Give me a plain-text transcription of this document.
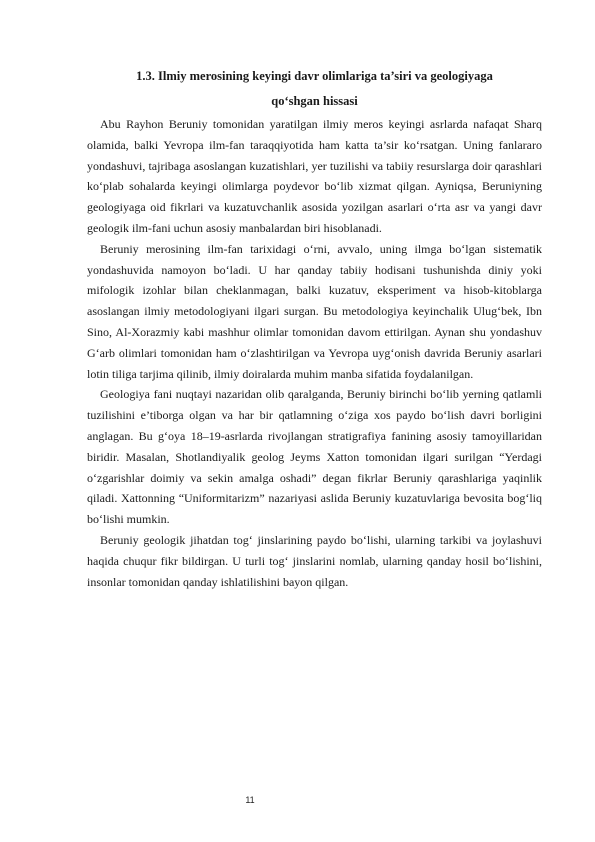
1.3. Ilmiy merosining keyingi davr olimlariga ta’siri va geologiyaga

qo‘shgan hissasi

Abu Rayhon Beruniy tomonidan yaratilgan ilmiy meros keyingi asrlarda nafaqat Sharq olamida, balki Yevropa ilm-fan taraqqiyotida ham katta ta’sir ko‘rsatgan. Uning fanlararo yondashuvi, tajribaga asoslangan kuzatishlari, yer tuzilishi va tabiiy resurslarga doir qarashlari ko‘plab sohalarda keyingi olimlarga poydevor bo‘lib xizmat qilgan. Ayniqsa, Beruniyning geologiyaga oid fikrlari va kuzatuvchanlik asosida yozilgan asarlari o‘rta asr va yangi davr geologik ilm-fani uchun asosiy manbalardan biri hisoblanadi.

Beruniy merosining ilm-fan tarixidagi o‘rni, avvalo, uning ilmga bo‘lgan sistematik yondashuvida namoyon bo‘ladi. U har qanday tabiiy hodisani tushunishda diniy yoki mifologik izohlar bilan cheklanmagan, balki kuzatuv, eksperiment va hisob-kitoblarga asoslangan ilmiy metodologiyani ilgari surgan. Bu metodologiya keyinchalik Ulug‘bek, Ibn Sino, Al-Xorazmiy kabi mashhur olimlar tomonidan davom ettirilgan. Aynan shu yondashuv G‘arb olimlari tomonidan ham o‘zlashtirilgan va Yevropa uyg‘onish davrida Beruniy asarlari lotin tiliga tarjima qilinib, ilmiy doiralarda muhim manba sifatida foydalanilgan.

Geologiya fani nuqtayi nazaridan olib qaralganda, Beruniy birinchi bo‘lib yerning qatlamli tuzilishini e’tiborga olgan va har bir qatlamning o‘ziga xos paydo bo‘lish davri borligini anglagan. Bu g‘oya 18–19-asrlarda rivojlangan stratigrafiya fanining asosiy tamoyillaridan biridir. Masalan, Shotlandiyalik geolog Jeyms Xatton tomonidan ilgari surilgan “Yerdagi o‘zgarishlar doimiy va sekin amalga oshadi” degan fikrlar Beruniy qarashlariga yaqinlik qiladi. Xattonning “Uniformitarizm” nazariyasi aslida Beruniy kuzatuvlariga bevosita bog‘liq bo‘lishi mumkin.

Beruniy geologik jihatdan tog‘ jinslarining paydo bo‘lishi, ularning tarkibi va joylashuvi haqida chuqur fikr bildirgan. U turli tog‘ jinslarini nomlab, ularning qanday hosil bo‘lishini, insonlar tomonidan qanday ishlatilishini bayon qilgan.

11
